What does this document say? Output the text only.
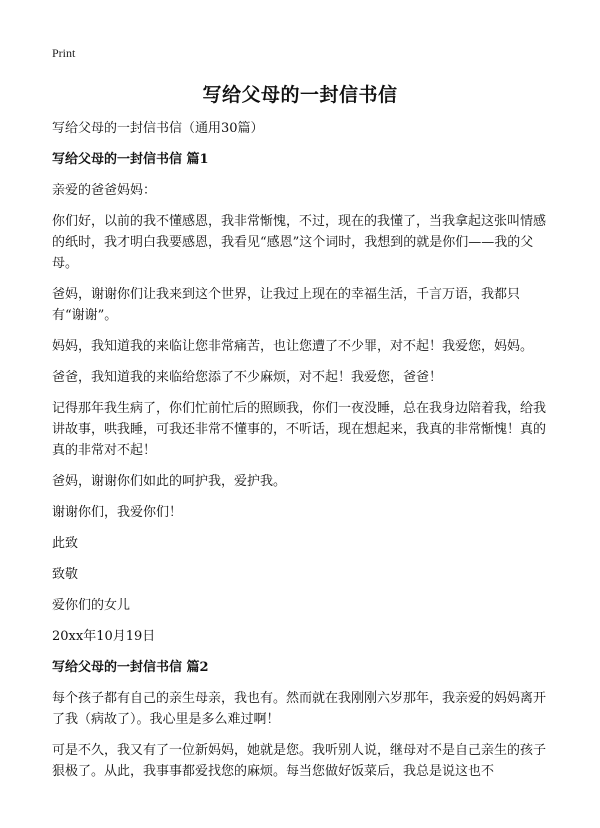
Print
写给父母的一封信书信

写给父母的一封信书信（通用30篇）

写给父母的一封信书信 篇1

亲爱的爸爸妈妈：

你们好，以前的我不懂感恩，我非常惭愧，不过，现在的我懂了，当我拿起这张叫情感的纸时，我才明白我要感恩，我看见“感恩”这个词时，我想到的就是你们——我的父母。

爸妈，谢谢你们让我来到这个世界，让我过上现在的幸福生活，千言万语，我都只有“谢谢”。

妈妈，我知道我的来临让您非常痛苦，也让您遭了不少罪，对不起！我爱您，妈妈。

爸爸，我知道我的来临给您添了不少麻烦，对不起！我爱您，爸爸！

记得那年我生病了，你们忙前忙后的照顾我，你们一夜没睡，总在我身边陪着我，给我讲故事，哄我睡，可我还非常不懂事的，不听话，现在想起来，我真的非常惭愧！真的真的非常对不起！

爸妈，谢谢你们如此的呵护我，爱护我。

谢谢你们，我爱你们！

此致

致敬

爱你们的女儿

20xx年10月19日

写给父母的一封信书信 篇2

每个孩子都有自己的亲生母亲，我也有。然而就在我刚刚六岁那年，我亲爱的妈妈离开了我（病故了）。我心里是多么难过啊！

可是不久，我又有了一位新妈妈，她就是您。我听别人说，继母对不是自己亲生的孩子狠极了。从此，我事事都爱找您的麻烦。每当您做好饭菜后，我总是说这也不
